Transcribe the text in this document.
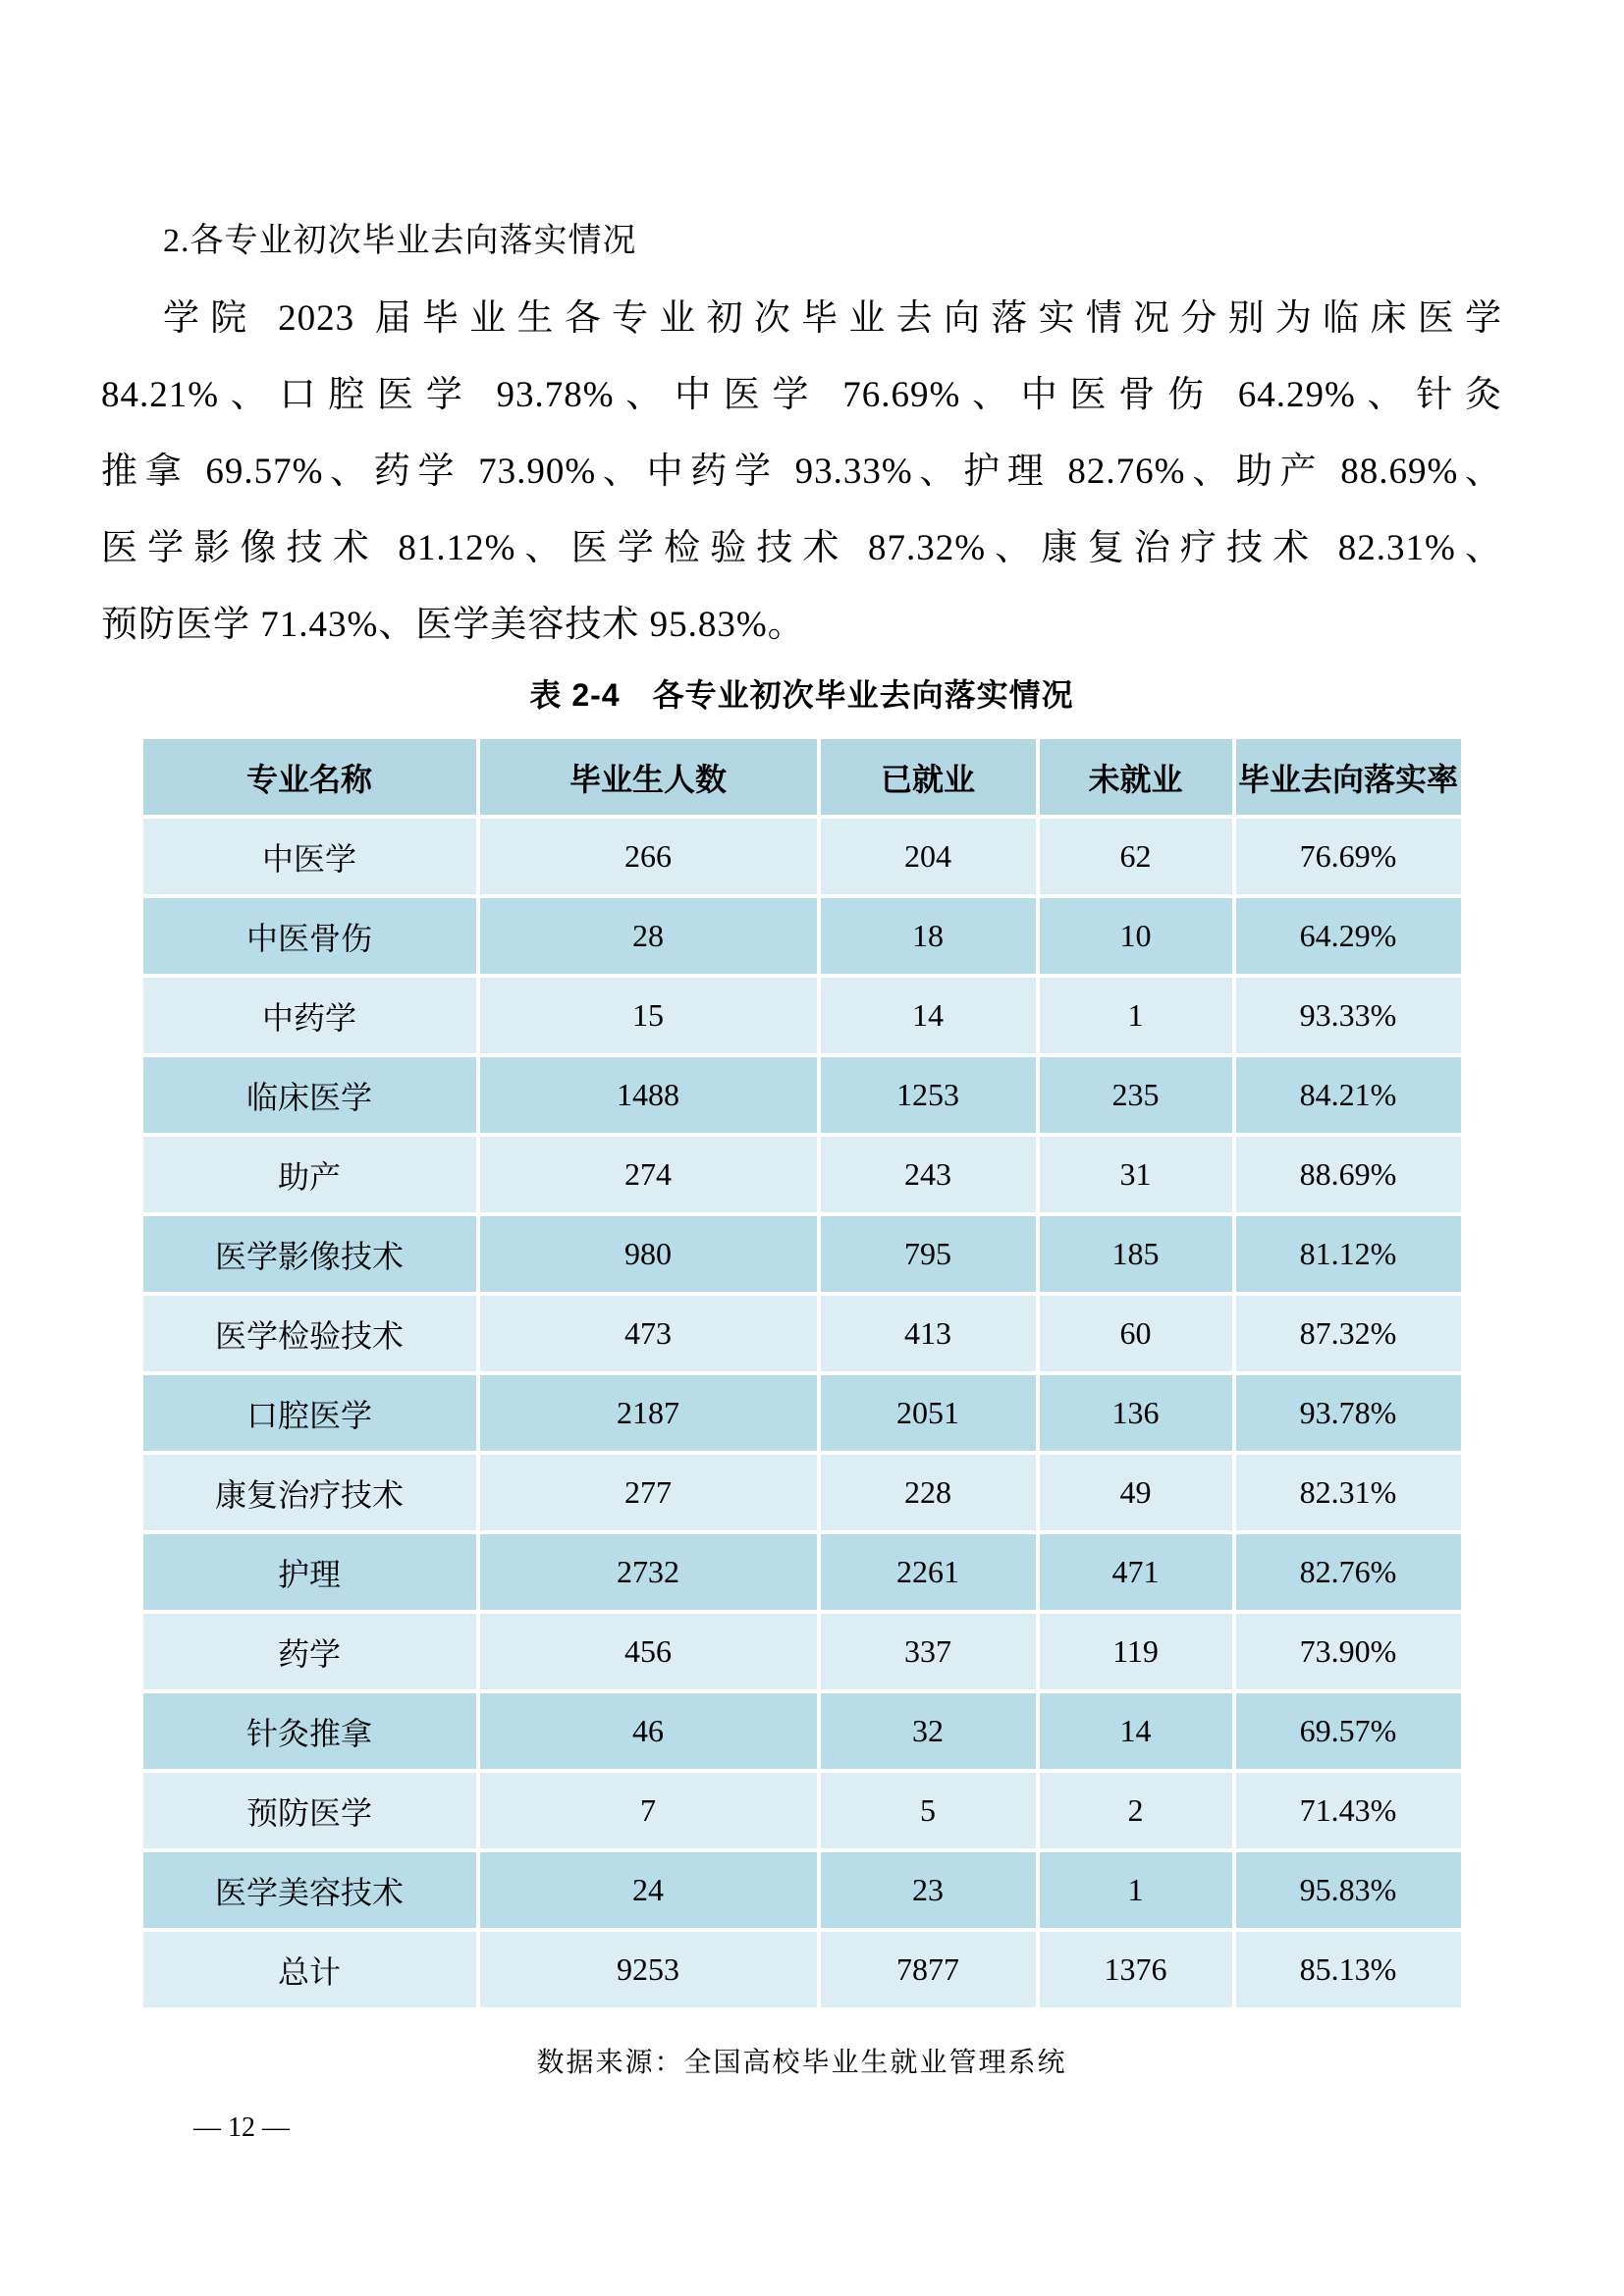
2.各专业初次毕业去向落实情况
学院 2023 届毕业生各专业初次毕业去向落实情况分别为临床医学
84.21%、口腔医学 93.78%、中医学 76.69%、中医骨伤 64.29%、针灸
推拿 69.57%、药学 73.90%、中药学 93.33%、护理 82.76%、助产 88.69%、
医学影像技术 81.12%、医学检验技术 87.32%、康复治疗技术 82.31%、
预防医学 71.43%、医学美容技术 95.83%。
表 2-4　各专业初次毕业去向落实情况
专业名称	毕业生人数	已就业	未就业	毕业去向落实率
中医学	266	204	62	76.69%
中医骨伤	28	18	10	64.29%
中药学	15	14	1	93.33%
临床医学	1488	1253	235	84.21%
助产	274	243	31	88.69%
医学影像技术	980	795	185	81.12%
医学检验技术	473	413	60	87.32%
口腔医学	2187	2051	136	93.78%
康复治疗技术	277	228	49	82.31%
护理	2732	2261	471	82.76%
药学	456	337	119	73.90%
针灸推拿	46	32	14	69.57%
预防医学	7	5	2	71.43%
医学美容技术	24	23	1	95.83%
总计	9253	7877	1376	85.13%
数据来源：全国高校毕业生就业管理系统
— 12 —
